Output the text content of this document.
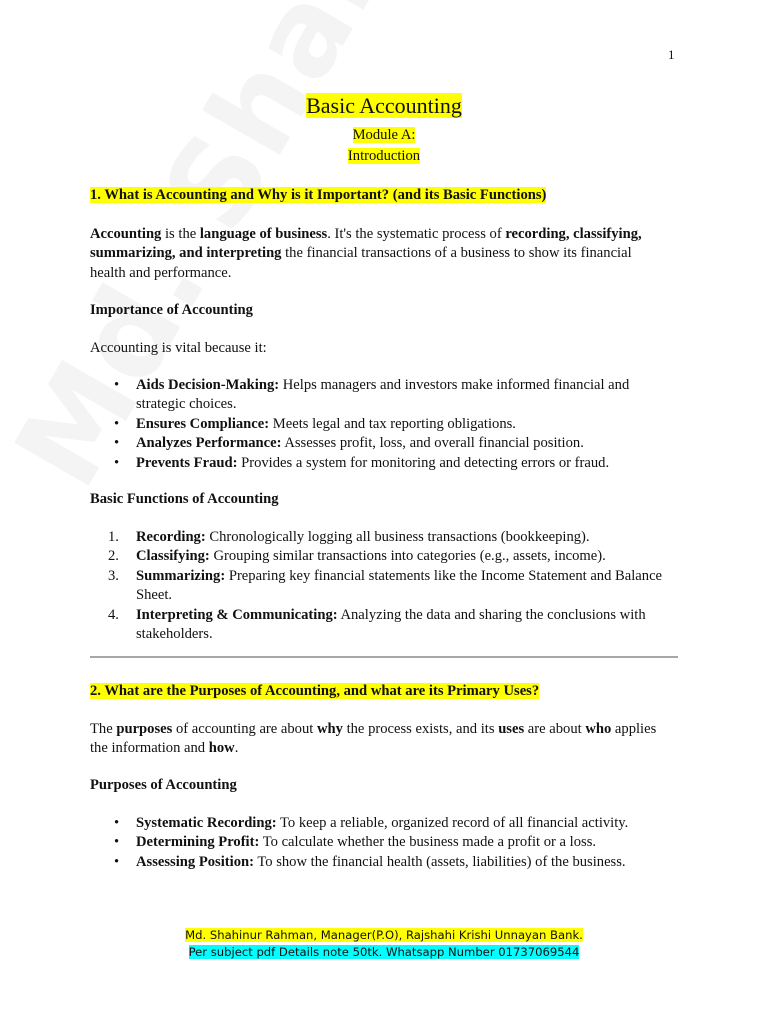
1
Basic Accounting
Module A:
Introduction
1. What is Accounting and Why is it Important? (and its Basic Functions)
Accounting is the language of business. It's the systematic process of recording, classifying, summarizing, and interpreting the financial transactions of a business to show its financial health and performance.
Importance of Accounting
Accounting is vital because it:
• Aids Decision-Making: Helps managers and investors make informed financial and strategic choices.
• Ensures Compliance: Meets legal and tax reporting obligations.
• Analyzes Performance: Assesses profit, loss, and overall financial position.
• Prevents Fraud: Provides a system for monitoring and detecting errors or fraud.
Basic Functions of Accounting
1. Recording: Chronologically logging all business transactions (bookkeeping).
2. Classifying: Grouping similar transactions into categories (e.g., assets, income).
3. Summarizing: Preparing key financial statements like the Income Statement and Balance Sheet.
4. Interpreting & Communicating: Analyzing the data and sharing the conclusions with stakeholders.
2. What are the Purposes of Accounting, and what are its Primary Uses?
The purposes of accounting are about why the process exists, and its uses are about who applies the information and how.
Purposes of Accounting
• Systematic Recording: To keep a reliable, organized record of all financial activity.
• Determining Profit: To calculate whether the business made a profit or a loss.
• Assessing Position: To show the financial health (assets, liabilities) of the business.
Md. Shahinur Rahman, Manager(P.O), Rajshahi Krishi Unnayan Bank.
Per subject pdf Details note 50tk. Whatsapp Number 01737069544
